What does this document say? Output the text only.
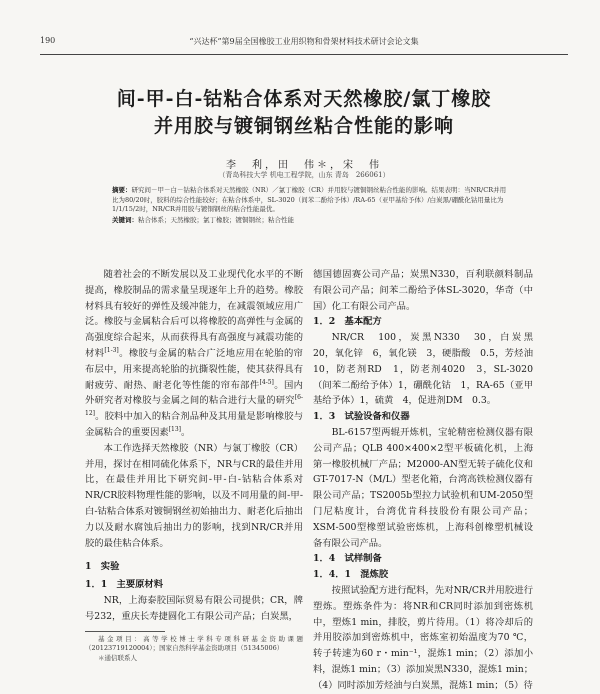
190	“兴达杯”第9届全国橡胶工业用织物和骨架材料技术研讨会论文集
间-甲-白-钴粘合体系对天然橡胶/氯丁橡胶
并用胶与镀铜钢丝粘合性能的影响
李　利，田　伟＊，宋　伟
（青岛科技大学 机电工程学院，山东 青岛　266061）

摘要：研究间－甲－白－钴粘合体系对天然橡胶（NR）／氯丁橡胶（CR）并用胶与镀铜钢丝粘合性能的影响。结果表明：当NR/CR并用比为80/20时，胶料的综合性能较好；在粘合体系中，SL-3020（间苯二酚给予体）/RA-65（亚甲基给予体）/白炭黑/硼酰化钴用量比为1/1/15/2时，NR/CR并用胶与镀铜钢丝的粘合性能最优。

关键词：粘合体系；天然橡胶；氯丁橡胶；镀铜钢丝；粘合性能

随着社会的不断发展以及工业现代化水平的不断提高，橡胶制品的需求量呈现逐年上升的趋势。橡胶材料具有较好的弹性及缓冲能力，在减震领域应用广泛。橡胶与金属粘合后可以将橡胶的高弹性与金属的高强度综合起来，从而获得具有高强度与减震功能的材料[1-3]。橡胶与金属的粘合广泛地应用在轮胎的帘布层中，用来提高轮胎的抗撕裂性能，使其获得具有耐疲劳、耐热、耐老化等性能的帘布部件[4-5]。国内外研究者对橡胶与金属之间的粘合进行大量的研究[6-12]。胶料中加入的粘合剂品种及其用量是影响橡胶与金属粘合的重要因素[13]。

本工作选择天然橡胶（NR）与氯丁橡胶（CR）并用，探讨在相同硫化体系下，NR与CR的最佳并用比，在最佳并用比下研究间-甲-白-钴粘合体系对NR/CR胶料物理性能的影响，以及不同用量的间-甲-白-钴粘合体系对镀铜钢丝初始抽出力、耐老化后抽出力以及耐水腐蚀后抽出力的影响，找到NR/CR并用胶的最佳粘合体系。

1　实验

1．1　主要原材料

NR，上海泰胶国际贸易有限公司提供；CR，牌号232，重庆长寿捷圆化工有限公司产品；白炭黑，

基金项目：高等学校博士学科专项科研基金资助课题（20123719120004）；国家自然科学基金资助项目（51345006）

＊通信联系人

德国德固赛公司产品；炭黑N330，百利联颜料制品有限公司产品；间苯二酚给予体SL-3020，华奇（中国）化工有限公司产品。

1．2　基本配方

NR/CR　100，炭黑N330　30，白炭黑　20，氧化锌　6，氧化镁　3，硬脂酸　0.5，芳烃油　10，防老剂RD　1，防老剂4020　3，SL-3020（间苯二酚给予体）1，硼酰化钴　1，RA-65（亚甲基给予体）1，硫黄　4，促进剂DM　0.3。

1．3　试验设备和仪器

BL-6157型两辊开炼机，宝轮精密检测仪器有限公司产品；QLB 400×400×2型平板硫化机，上海第一橡胶机械厂产品；M2000-AN型无转子硫化仪和GT-7017-N（M/L）型老化箱，台湾高铁检测仪器有限公司产品；TS2005b型拉力试验机和UM-2050型门尼粘度计，台湾优肯科技股份有限公司产品；XSM-500型橡塑试验密炼机，上海科创橡塑机械设备有限公司产品。

1．4　试样制备

1．4．1　混炼胶

按照试验配方进行配料，先对NR/CR并用胶进行塑炼。塑炼条件为：将NR和CR同时添加到密炼机中，塑炼1 min，排胶，剪片待用。（1）将冷却后的并用胶添加到密炼机中，密炼室初始温度为70 ℃，转子转速为60 r・min⁻¹，混炼1 min；（2）添加小料，混炼1 min；（3）添加炭黑N330，混炼1 min；（4）同时添加芳烃油与白炭黑，混炼1 min；（5）待
